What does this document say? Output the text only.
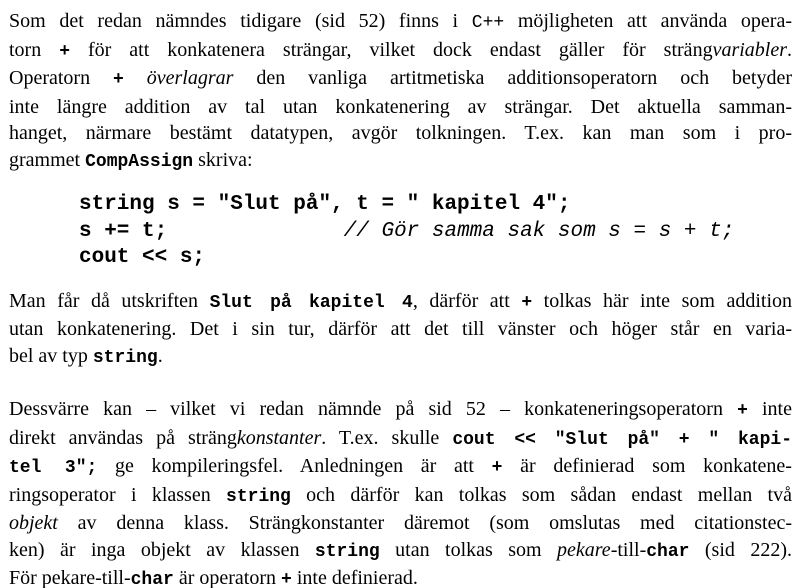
Som det redan nämndes tidigare (sid 52) finns i C++ möjligheten att använda opera-
torn + för att konkatenera strängar, vilket dock endast gäller för strängvariabler.
Operatorn + överlagrar den vanliga artitmetiska additionsoperatorn och betyder
inte längre addition av tal utan konkatenering av strängar. Det aktuella samman-
hanget, närmare bestämt datatypen, avgör tolkningen. T.ex. kan man som i pro-
grammet CompAssign skriva:
string s = "Slut på", t = " kapitel 4";
s += t;              // Gör samma sak som s = s + t;
cout << s;
Man får då utskriften Slut på kapitel 4, därför att + tolkas här inte som addition
utan konkatenering. Det i sin tur, därför att det till vänster och höger står en varia-
bel av typ string.
Dessvärre kan – vilket vi redan nämnde på sid 52 – konkateneringsoperatorn + inte
direkt användas på strängkonstanter. T.ex. skulle cout << "Slut på" + " kapi-
tel 3"; ge kompileringsfel. Anledningen är att + är definierad som konkatene-
ringsoperator i klassen string och därför kan tolkas som sådan endast mellan två
objekt av denna klass. Strängkonstanter däremot (som omslutas med citationstec-
ken) är inga objekt av klassen string utan tolkas som pekare-till-char (sid 222).
För pekare-till-char är operatorn + inte definierad.
